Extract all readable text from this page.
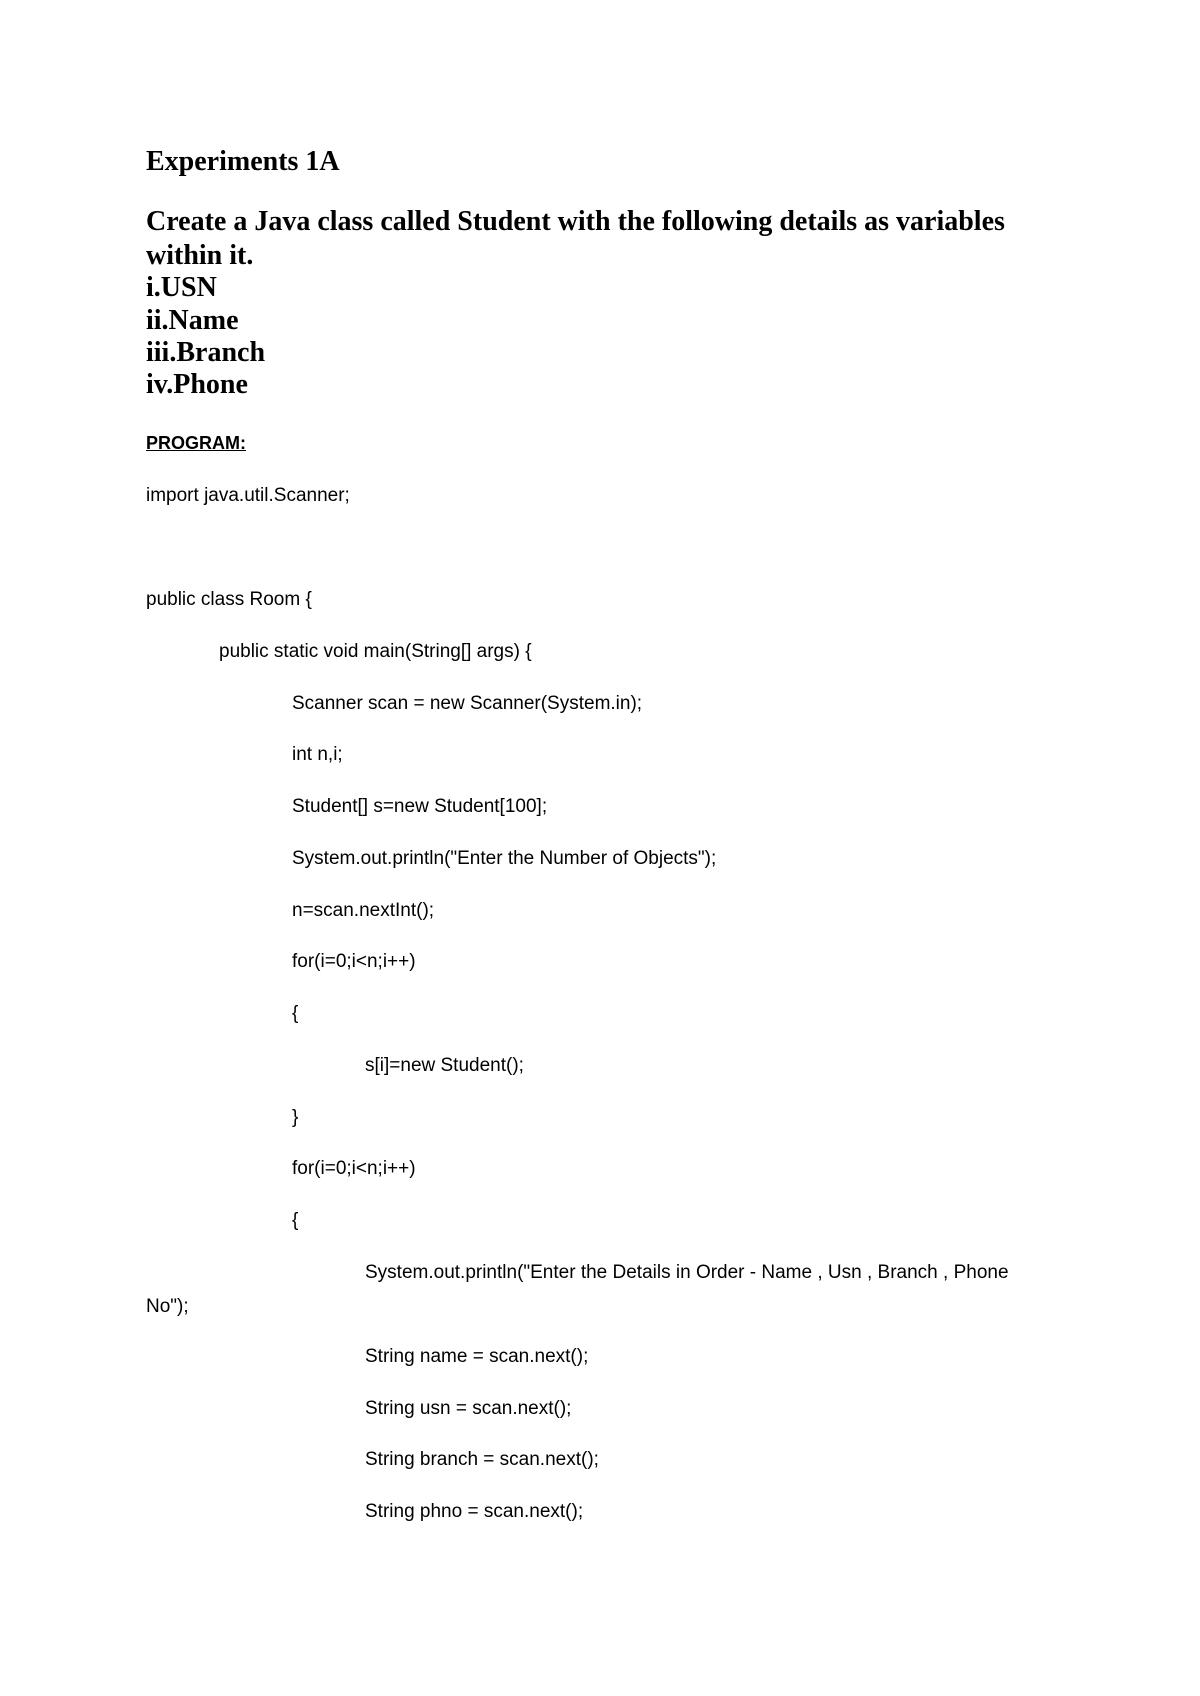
Experiments 1A
Create a Java class called Student with the following details as variables
within it.
i.USN
ii.Name
iii.Branch
iv.Phone
PROGRAM:
import java.util.Scanner;
public class Room {
public static void main(String[] args) {
Scanner scan = new Scanner(System.in);
int n,i;
Student[] s=new Student[100];
System.out.println("Enter the Number of Objects");
n=scan.nextInt();
for(i=0;i<n;i++)
{
s[i]=new Student();
}
for(i=0;i<n;i++)
{
System.out.println("Enter the Details in Order - Name , Usn , Branch , Phone
No");
String name = scan.next();
String usn = scan.next();
String branch = scan.next();
String phno = scan.next();
